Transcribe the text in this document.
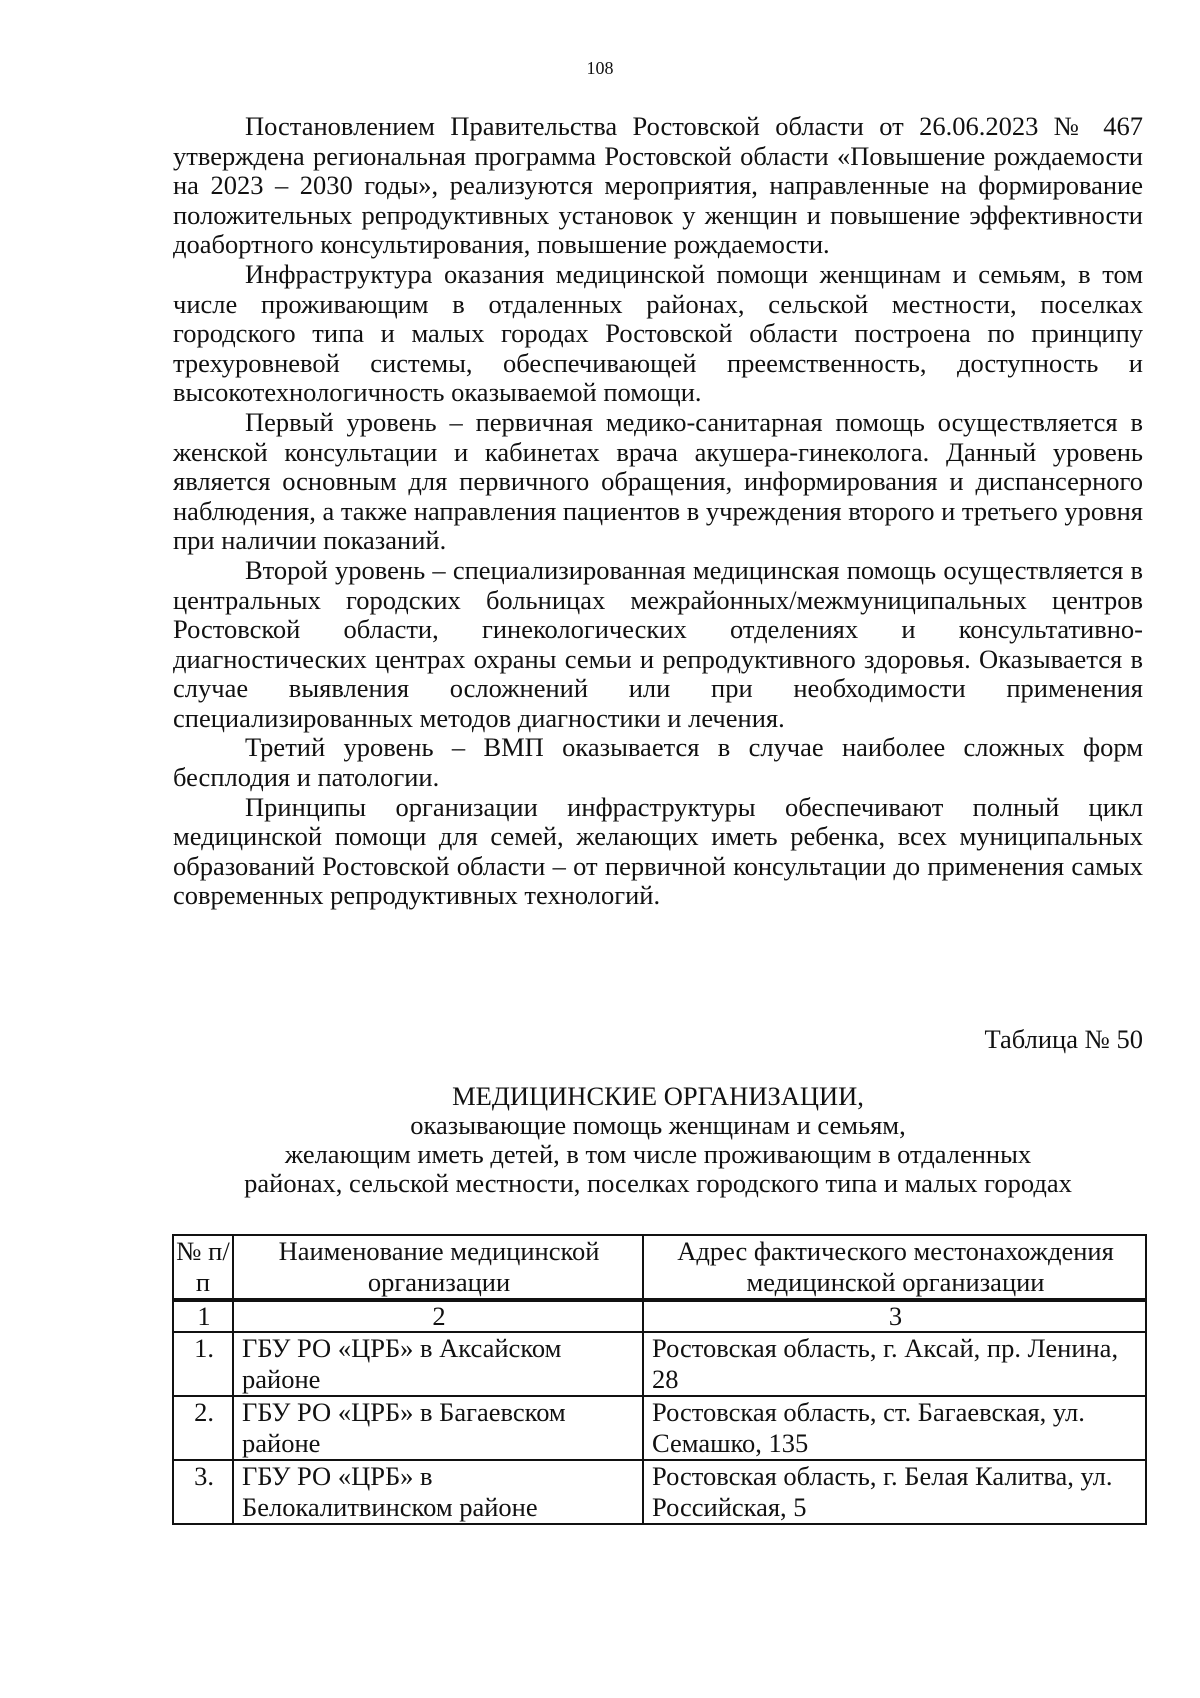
108

Постановлением Правительства Ростовской области от 26.06.2023 № 467 утверждена региональная программа Ростовской области «Повышение рождаемости на 2023 – 2030 годы», реализуются мероприятия, направленные на формирование положительных репродуктивных установок у женщин и повышение эффективности доабортного консультирования, повышение рождаемости.

Инфраструктура оказания медицинской помощи женщинам и семьям, в том числе проживающим в отдаленных районах, сельской местности, поселках городского типа и малых городах Ростовской области построена по принципу трехуровневой системы, обеспечивающей преемственность, доступность и высокотехнологичность оказываемой помощи.

Первый уровень – первичная медико-санитарная помощь осуществляется в женской консультации и кабинетах врача акушера-гинеколога. Данный уровень является основным для первичного обращения, информирования и диспансерного наблюдения, а также направления пациентов в учреждения второго и третьего уровня при наличии показаний.

Второй уровень – специализированная медицинская помощь осуществляется в центральных городских больницах межрайонных/межмуниципальных центров Ростовской области, гинекологических отделениях и консультативно-диагностических центрах охраны семьи и репродуктивного здоровья. Оказывается в случае выявления осложнений или при необходимости применения специализированных методов диагностики и лечения.

Третий уровень – ВМП оказывается в случае наиболее сложных форм бесплодия и патологии.

Принципы организации инфраструктуры обеспечивают полный цикл медицинской помощи для семей, желающих иметь ребенка, всех муниципальных образований Ростовской области – от первичной консультации до применения самых современных репродуктивных технологий.

Таблица № 50
МЕДИЦИНСКИЕ ОРГАНИЗАЦИИ,
оказывающие помощь женщинам и семьям,
желающим иметь детей, в том числе проживающим в отдаленных
районах, сельской местности, поселках городского типа и малых городах
№ п/ п	Наименование медицинской организации	Адрес фактического местонахождения медицинской организации
1	2	3
1.	ГБУ РО «ЦРБ» в Аксайском районе	Ростовская область, г. Аксай, пр. Ленина, 28
2.	ГБУ РО «ЦРБ» в Багаевском районе	Ростовская область, ст. Багаевская, ул. Семашко, 135
3.	ГБУ РО «ЦРБ» в Белокалитвинском районе	Ростовская область, г. Белая Калитва, ул. Российская, 5
